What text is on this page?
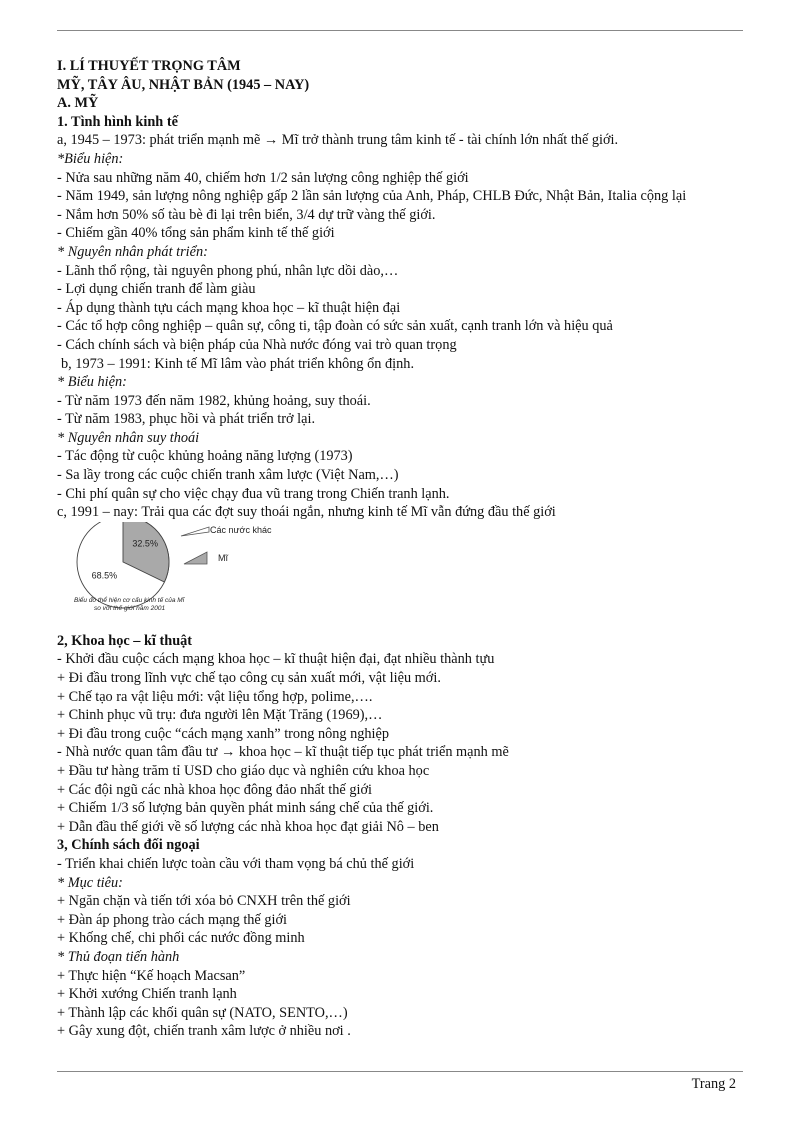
I. LÍ THUYẾT TRỌNG TÂM
MỸ, TÂY ÂU, NHẬT BẢN (1945 – NAY)
A. MỸ
1. Tình hình kinh tế
a, 1945 – 1973: phát triển mạnh mẽ → Mĩ trở thành trung tâm kinh tế - tài chính lớn nhất thế giới.
*Biểu hiện:
- Nửa sau những năm 40, chiếm hơn 1/2 sản lượng công nghiệp thế giới
- Năm 1949, sản lượng nông nghiệp gấp 2 lần sản lượng của Anh, Pháp, CHLB Đức, Nhật Bản, Italia cộng lại
- Nắm hơn 50% số tàu bè đi lại trên biển, 3/4 dự trữ vàng thế giới.
- Chiếm gần 40% tổng sản phẩm kinh tế thế giới
* Nguyên nhân phát triển:
- Lãnh thổ rộng, tài nguyên phong phú, nhân lực dồi dào,…
- Lợi dụng chiến tranh để làm giàu
- Áp dụng thành tựu cách mạng khoa học – kĩ thuật hiện đại
- Các tổ hợp công nghiệp – quân sự, công ti, tập đoàn có sức sản xuất, cạnh tranh lớn và hiệu quả
- Cách chính sách và biện pháp của Nhà nước đóng vai trò quan trọng
b, 1973 – 1991: Kinh tế Mĩ lâm vào phát triển không ổn định.
* Biểu hiện:
- Từ năm 1973 đến năm 1982, khủng hoảng, suy thoái.
- Từ năm 1983, phục hồi và phát triển trở lại.
* Nguyên nhân suy thoái
- Tác động từ cuộc khủng hoảng năng lượng (1973)
- Sa lầy trong các cuộc chiến tranh xâm lược (Việt Nam,…)
- Chi phí quân sự cho việc chạy đua vũ trang trong Chiến tranh lạnh.
c, 1991 – nay: Trải qua các đợt suy thoái ngắn, nhưng kinh tế Mĩ vẫn đứng đầu thế giới
32.5%
68.5%
Các nước khác
Mĩ
Biểu đồ thể hiện cơ cấu kinh tế của Mĩ
so với thế giới năm 2001
2, Khoa học – kĩ thuật
- Khởi đầu cuộc cách mạng khoa học – kĩ thuật hiện đại, đạt nhiều thành tựu
+ Đi đầu trong lĩnh vực chế tạo công cụ sản xuất mới, vật liệu mới.
+ Chế tạo ra vật liệu mới: vật liệu tổng hợp, polime,….
+ Chinh phục vũ trụ: đưa người lên Mặt Trăng (1969),…
+ Đi đầu trong cuộc “cách mạng xanh” trong nông nghiệp
- Nhà nước quan tâm đầu tư → khoa học – kĩ thuật tiếp tục phát triển mạnh mẽ
+ Đầu tư hàng trăm tỉ USD cho giáo dục và nghiên cứu khoa học
+ Các đội ngũ các nhà khoa học đông đảo nhất thế giới
+ Chiếm 1/3 số lượng bản quyền phát minh sáng chế của thế giới.
+ Dẫn đầu thế giới về số lượng các nhà khoa học đạt giải Nô – ben
3, Chính sách đối ngoại
- Triển khai chiến lược toàn cầu với tham vọng bá chủ thế giới
* Mục tiêu:
+ Ngăn chặn và tiến tới xóa bỏ CNXH trên thế giới
+ Đàn áp phong trào cách mạng thế giới
+ Khống chế, chi phối các nước đồng minh
* Thủ đoạn tiến hành
+ Thực hiện “Kế hoạch Macsan”
+ Khởi xướng Chiến tranh lạnh
+ Thành lập các khối quân sự (NATO, SENTO,…)
+ Gây xung đột, chiến tranh xâm lược ở nhiều nơi .
Trang 2
